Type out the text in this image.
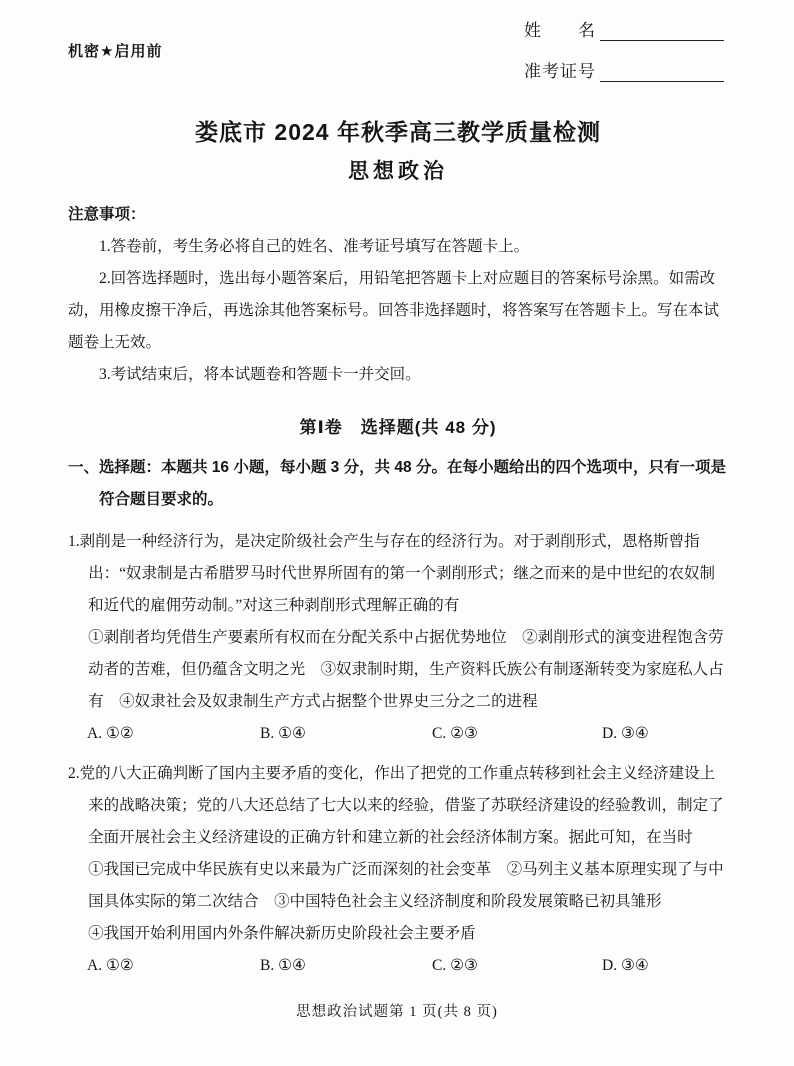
机密★启用前
姓　　名
准考证号
娄底市 2024 年秋季高三教学质量检测
思想政治
注意事项：
1.答卷前，考生务必将自己的姓名、准考证号填写在答题卡上。
2.回答选择题时，选出每小题答案后，用铅笔把答题卡上对应题目的答案标号涂黑。如需改动，用橡皮擦干净后，再选涂其他答案标号。回答非选择题时，将答案写在答题卡上。写在本试题卷上无效。
3.考试结束后，将本试题卷和答题卡一并交回。
第Ⅰ卷　选择题(共 48 分)
一、选择题：本题共 16 小题，每小题 3 分，共 48 分。在每小题给出的四个选项中，只有一项是符合题目要求的。
1.剥削是一种经济行为，是决定阶级社会产生与存在的经济行为。对于剥削形式，恩格斯曾指出：“奴隶制是古希腊罗马时代世界所固有的第一个剥削形式；继之而来的是中世纪的农奴制和近代的雇佣劳动制。”对这三种剥削形式理解正确的有
①剥削者均凭借生产要素所有权而在分配关系中占据优势地位　②剥削形式的演变进程饱含劳动者的苦难，但仍蕴含文明之光　③奴隶制时期，生产资料氏族公有制逐渐转变为家庭私人占有　④奴隶社会及奴隶制生产方式占据整个世界史三分之二的进程
A. ①②	B. ①④	C. ②③	D. ③④
2.党的八大正确判断了国内主要矛盾的变化，作出了把党的工作重点转移到社会主义经济建设上来的战略决策；党的八大还总结了七大以来的经验，借鉴了苏联经济建设的经验教训，制定了全面开展社会主义经济建设的正确方针和建立新的社会经济体制方案。据此可知，在当时
①我国已完成中华民族有史以来最为广泛而深刻的社会变革　②马列主义基本原理实现了与中国具体实际的第二次结合　③中国特色社会主义经济制度和阶段发展策略已初具雏形
④我国开始利用国内外条件解决新历史阶段社会主要矛盾
A. ①②	B. ①④	C. ②③	D. ③④
思想政治试题第 1 页(共 8 页)
